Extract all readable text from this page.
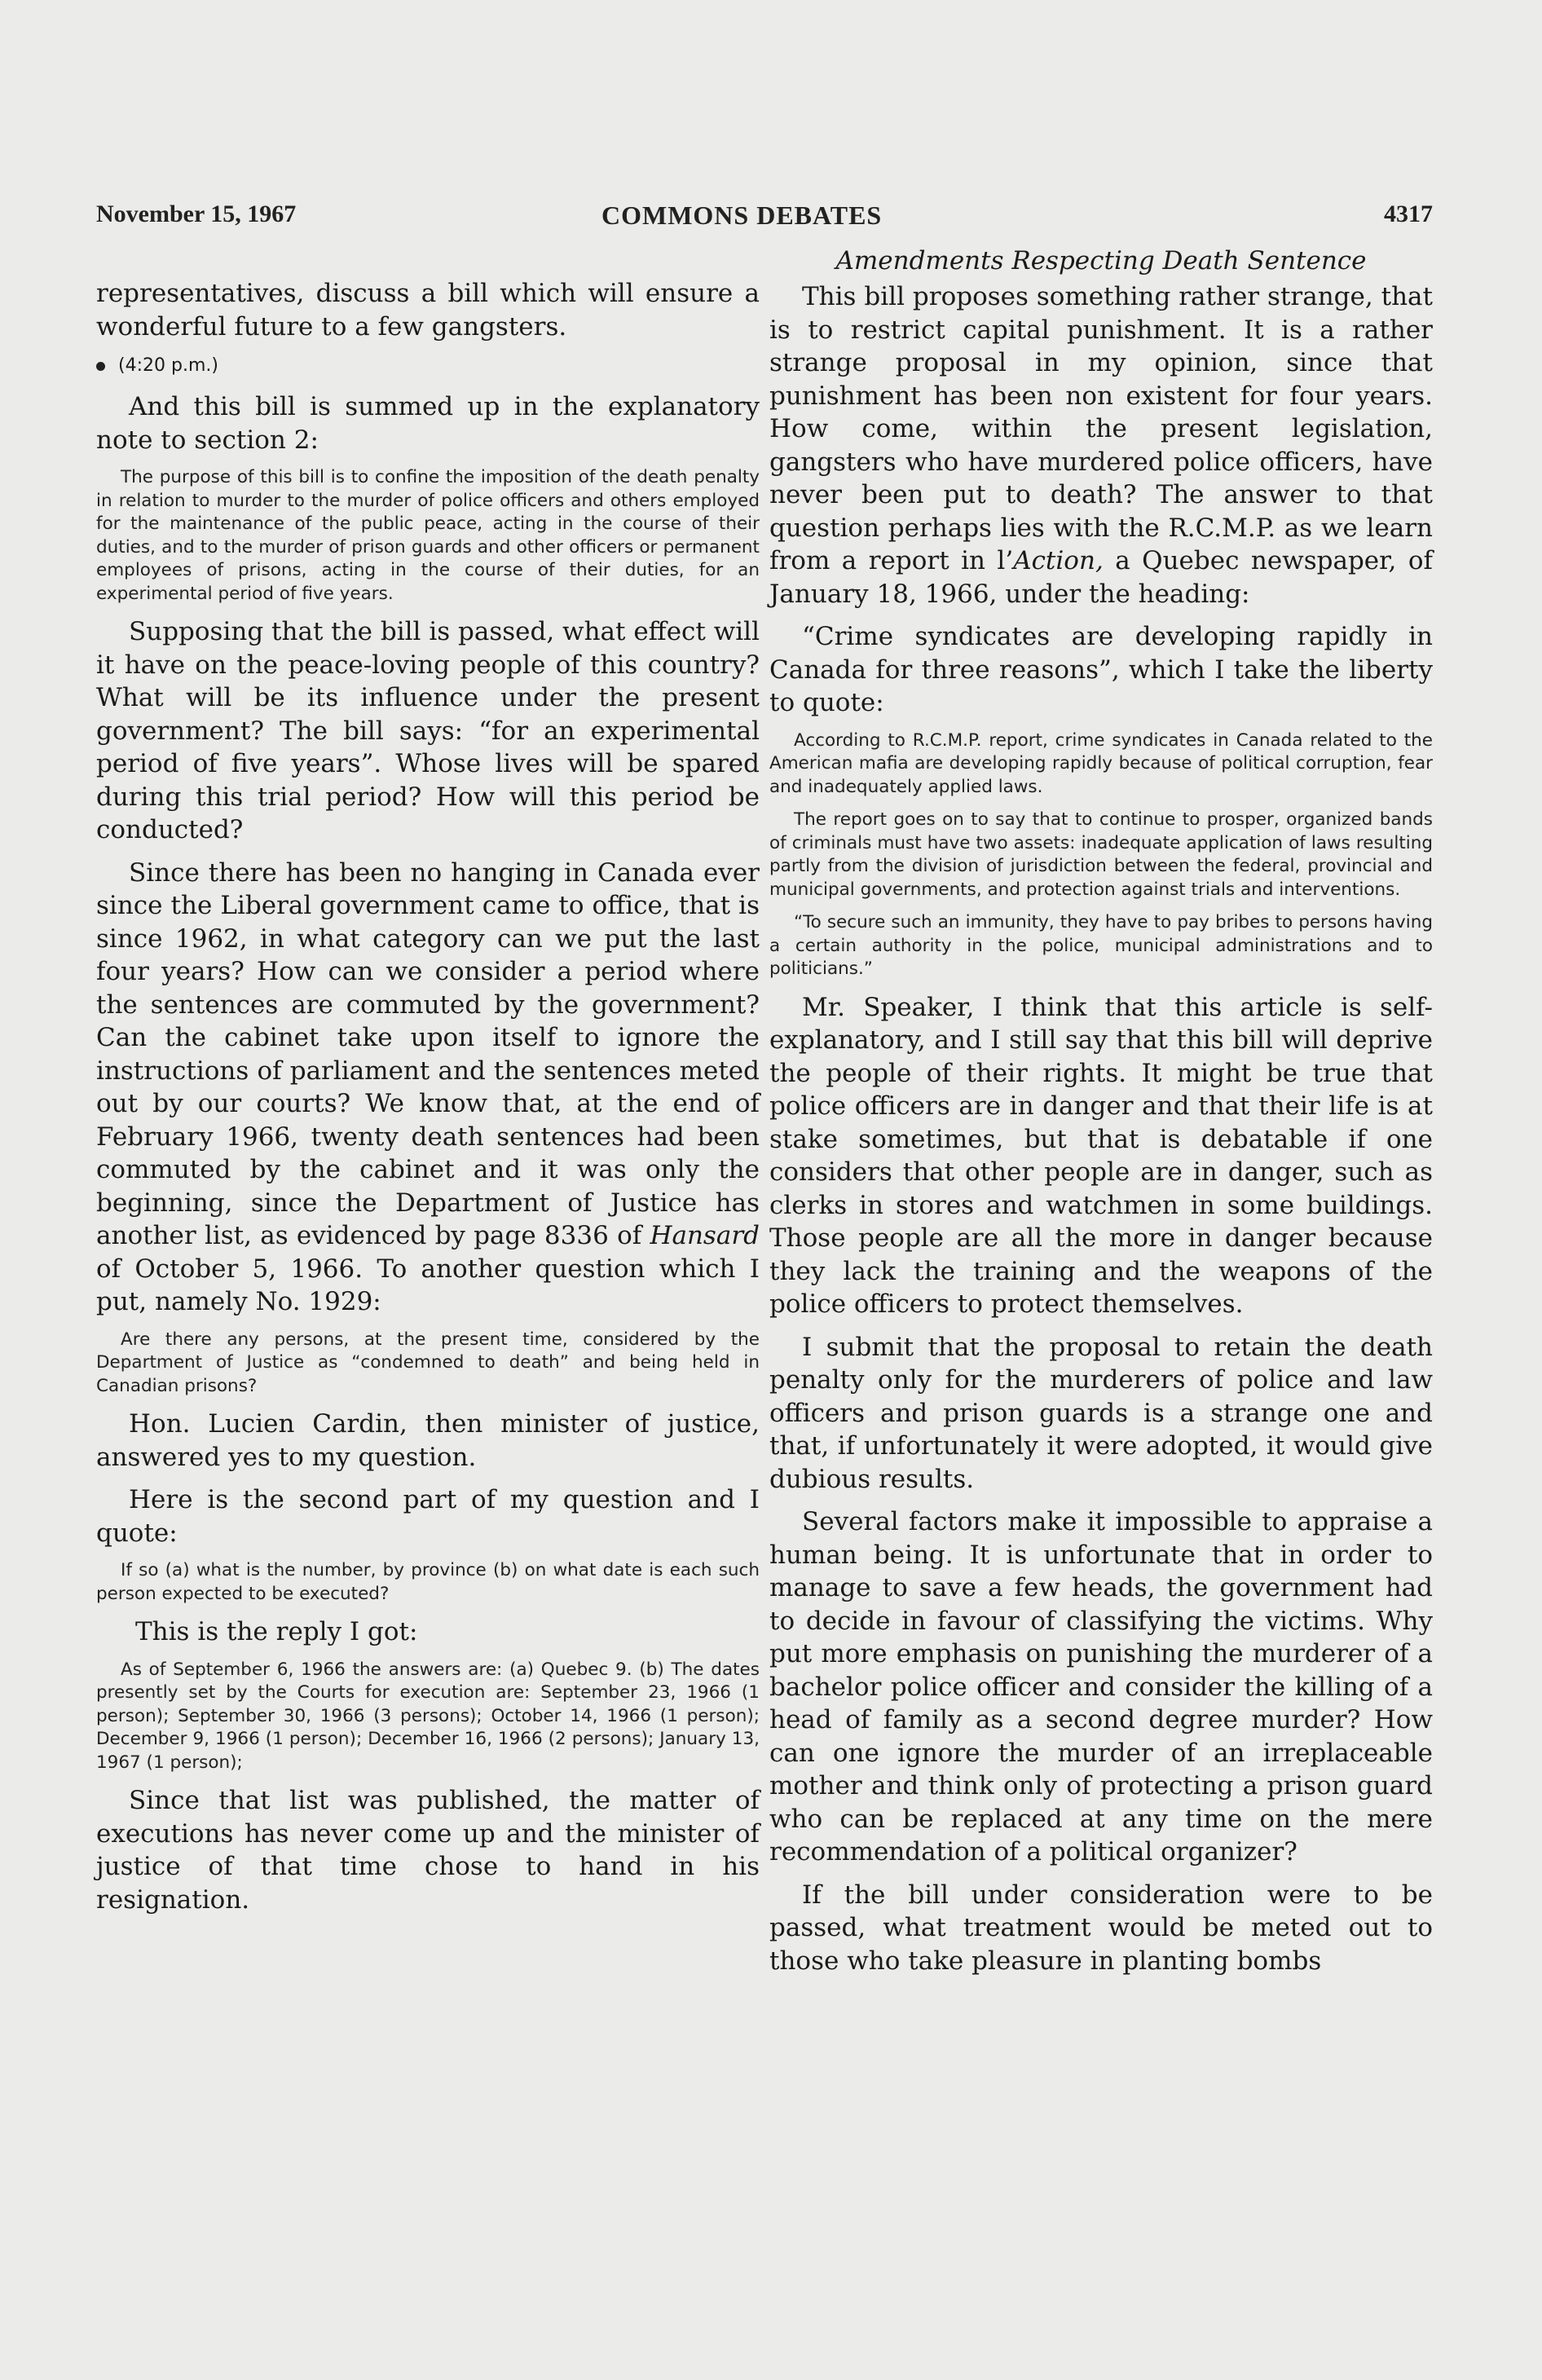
November 15, 1967	COMMONS DEBATES	4317

representatives, discuss a bill which will ensure a wonderful future to a few gangsters.

(4:20 p.m.)

And this bill is summed up in the explanatory note to section 2:

The purpose of this bill is to confine the imposition of the death penalty in relation to murder to the murder of police officers and others employed for the maintenance of the public peace, acting in the course of their duties, and to the murder of prison guards and other officers or permanent employees of prisons, acting in the course of their duties, for an experimental period of five years.

Supposing that the bill is passed, what effect will it have on the peace-loving people of this country? What will be its influence under the present government? The bill says: “for an experimental period of five years”. Whose lives will be spared during this trial period? How will this period be conducted?

Since there has been no hanging in Canada ever since the Liberal government came to office, that is since 1962, in what category can we put the last four years? How can we consider a period where the sentences are commuted by the government? Can the cabinet take upon itself to ignore the instructions of parliament and the sentences meted out by our courts? We know that, at the end of February 1966, twenty death sentences had been commuted by the cabinet and it was only the beginning, since the Department of Justice has another list, as evidenced by page 8336 of Hansard of October 5, 1966. To another question which I put, namely No. 1929:

Are there any persons, at the present time, considered by the Department of Justice as “condemned to death” and being held in Canadian prisons?

Hon. Lucien Cardin, then minister of justice, answered yes to my question.

Here is the second part of my question and I quote:

If so (a) what is the number, by province (b) on what date is each such person expected to be executed?

This is the reply I got:

As of September 6, 1966 the answers are: (a) Quebec 9. (b) The dates presently set by the Courts for execution are: September 23, 1966 (1 person); September 30, 1966 (3 persons); October 14, 1966 (1 person); December 9, 1966 (1 person); December 16, 1966 (2 persons); January 13, 1967 (1 person);

Since that list was published, the matter of executions has never come up and the minister of justice of that time chose to hand in his resignation.

Amendments Respecting Death Sentence

This bill proposes something rather strange, that is to restrict capital punishment. It is a rather strange proposal in my opinion, since that punishment has been non existent for four years. How come, within the present legislation, gangsters who have murdered police officers, have never been put to death? The answer to that question perhaps lies with the R.C.M.P. as we learn from a report in l’Action, a Quebec newspaper, of January 18, 1966, under the heading:

“Crime syndicates are developing rapidly in Canada for three reasons”, which I take the liberty to quote:

According to R.C.M.P. report, crime syndicates in Canada related to the American mafia are developing rapidly because of political corruption, fear and inadequately applied laws.

The report goes on to say that to continue to prosper, organized bands of criminals must have two assets: inadequate application of laws resulting partly from the division of jurisdiction between the federal, provincial and municipal governments, and protection against trials and interventions.

“To secure such an immunity, they have to pay bribes to persons having a certain authority in the police, municipal administrations and to politicians.”

Mr. Speaker, I think that this article is self-explanatory, and I still say that this bill will deprive the people of their rights. It might be true that police officers are in danger and that their life is at stake sometimes, but that is debatable if one considers that other people are in danger, such as clerks in stores and watchmen in some buildings. Those people are all the more in danger because they lack the training and the weapons of the police officers to protect themselves.

I submit that the proposal to retain the death penalty only for the murderers of police and law officers and prison guards is a strange one and that, if unfortunately it were adopted, it would give dubious results.

Several factors make it impossible to appraise a human being. It is unfortunate that in order to manage to save a few heads, the government had to decide in favour of classifying the victims. Why put more emphasis on punishing the murderer of a bachelor police officer and consider the killing of a head of family as a second degree murder? How can one ignore the murder of an irreplaceable mother and think only of protecting a prison guard who can be replaced at any time on the mere recommendation of a political organizer?

If the bill under consideration were to be passed, what treatment would be meted out to those who take pleasure in planting bombs
